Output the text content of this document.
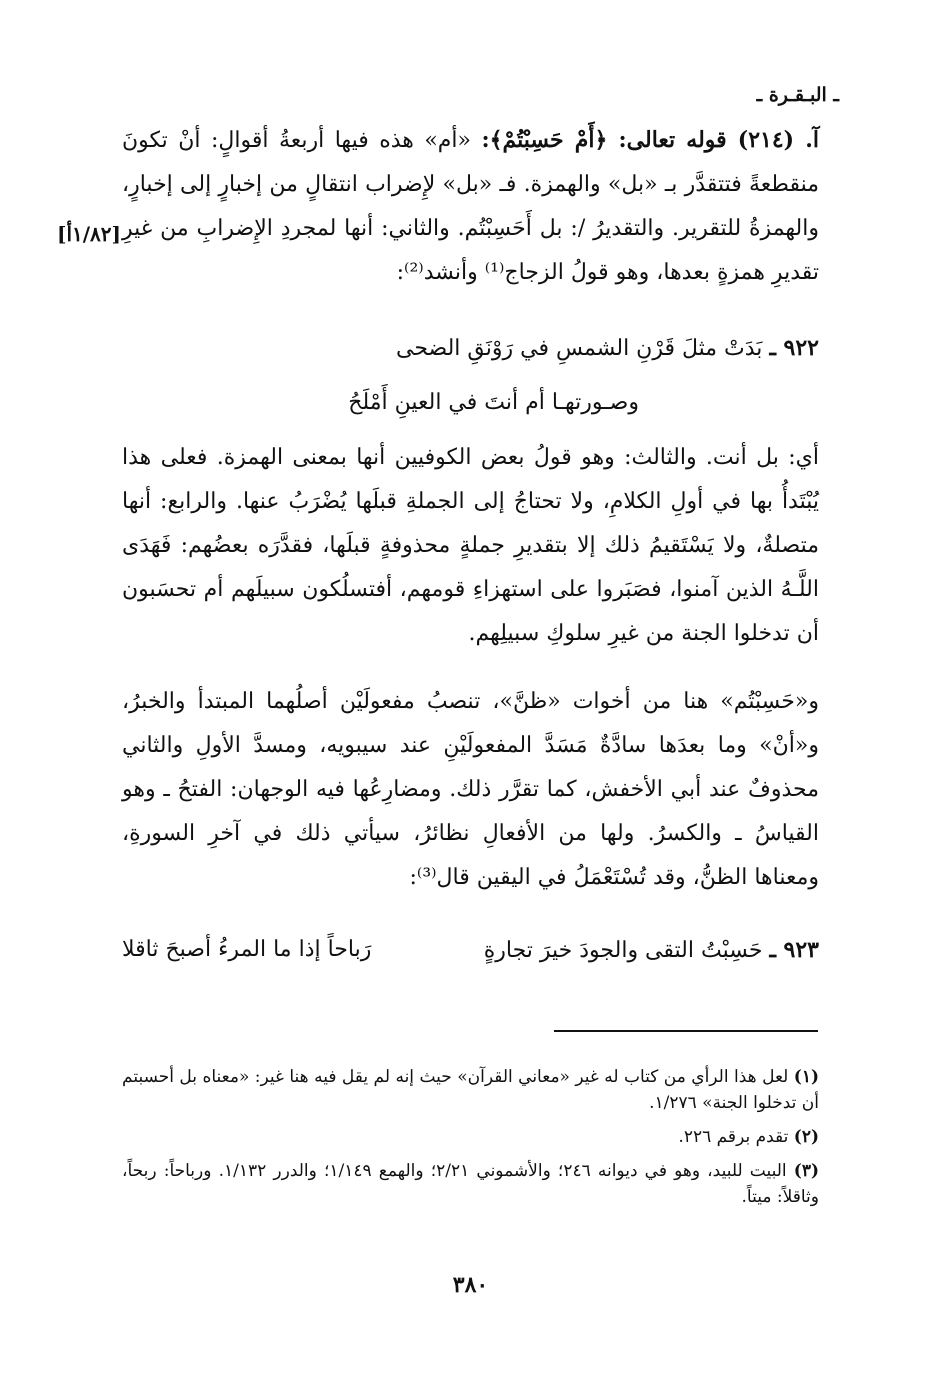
ـ البـقـرة ـ
[١/٨٢أ]

آ. (٢١٤) قوله تعالى: ﴿أَمْ حَسِبْتُمْ﴾: «أم» هذه فيها أربعةُ أقوالٍ: أنْ تكونَ منقطعةً فتتقدَّر بـ «بل» والهمزة. فـ «بل» لإِضراب انتقالٍ من إخبارٍ إلى إخبارٍ، والهمزةُ للتقرير. والتقديرُ /: بل أَحَسِبْتُم. والثاني: أنها لمجردِ الإِضرابِ من غيرِ تقديرِ همزةٍ بعدها، وهو قولُ الزجاج⁽¹⁾ وأنشد⁽²⁾:

٩٢٢ ـ بَدَتْ مثلَ قَرْنِ الشمسِ في رَوْنَقِ الضحى
وصـورتهـا أم أنتَ في العينِ أَمْلَحُ

أي: بل أنت. والثالث: وهو قولُ بعض الكوفيين أنها بمعنى الهمزة. فعلى هذا يُبْتَدأُ بها في أولِ الكلامِ، ولا تحتاجُ إلى الجملةِ قبلَها يُضْرَبُ عنها. والرابع: أنها متصلةٌ، ولا يَسْتَقيمُ ذلك إلا بتقديرِ جملةٍ محذوفةٍ قبلَها، فقدَّرَه بعضُهم: فَهَدَى اللَّـهُ الذين آمنوا، فصَبَروا على استهزاءِ قومهم، أفتسلُكون سبيلَهم أم تحسَبون أن تدخلوا الجنة من غيرِ سلوكِ سبيلِهم.

و«حَسِبْتُم» هنا من أخوات «ظنَّ»، تنصبُ مفعولَيْن أصلُهما المبتدأ والخبرُ، و«أنْ» وما بعدَها سادَّةٌ مَسَدَّ المفعولَيْنِ عند سيبويه، ومسدَّ الأولِ والثاني محذوفٌ عند أبي الأخفش، كما تقرَّر ذلك. ومضارِعُها فيه الوجهان: الفتحُ ـ وهو القياسُ ـ والكسرُ. ولها من الأفعالِ نظائرُ، سيأتي ذلك في آخرِ السورةِ، ومعناها الظنُّ، وقد تُسْتَعْمَلُ في اليقين قال⁽³⁾:

٩٢٣ ـ حَسِبْتُ التقى والجودَ خيرَ تجارةٍ
رَباحاً إذا ما المرءُ أصبحَ ثاقلا

(١) لعل هذا الرأي من كتاب له غير «معاني القرآن» حيث إنه لم يقل فيه هنا غير: «معناه بل أحسبتم أن تدخلوا الجنة» ١/٢٧٦.

(٢) تقدم برقم ٢٢٦.

(٣) البيت للبيد، وهو في ديوانه ٢٤٦؛ والأشموني ٢/٢١؛ والهمع ١/١٤٩؛ والدرر ١/١٣٢. ورباحاً: ربحاً، وثاقلاً: ميتاً.

٣٨٠
